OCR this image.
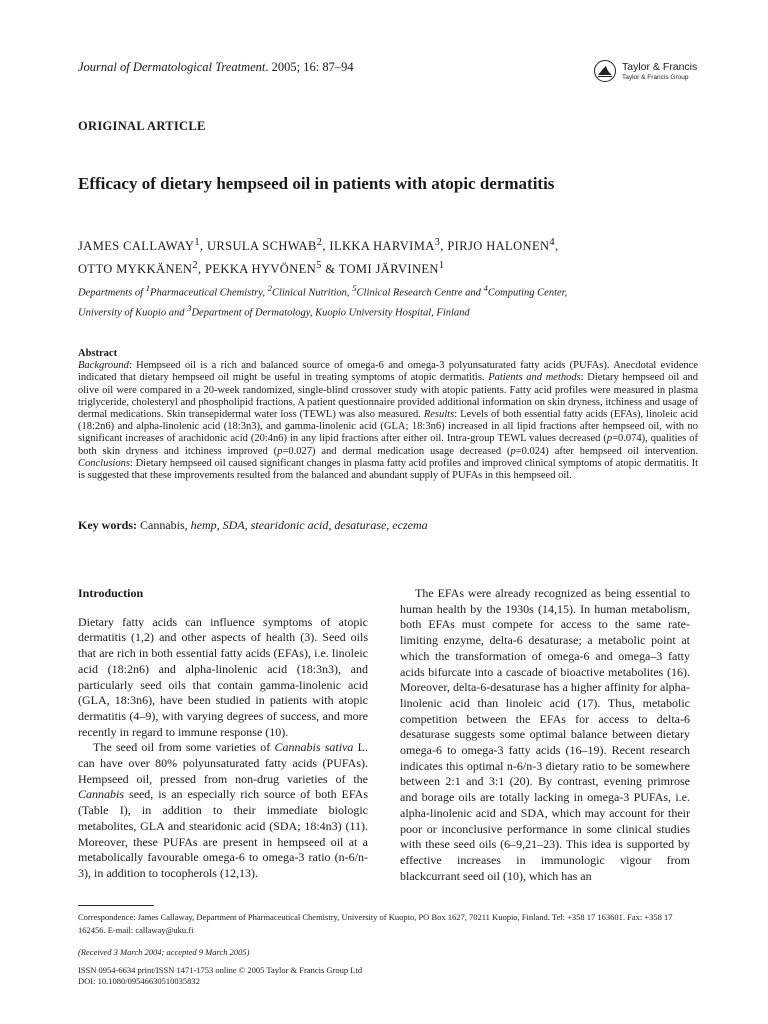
Journal of Dermatological Treatment. 2005; 16: 87–94	Taylor & Francis
Taylor & Francis Group
ORIGINAL ARTICLE
Efficacy of dietary hempseed oil in patients with atopic dermatitis
JAMES CALLAWAY$^1$, URSULA SCHWAB$^2$, ILKKA HARVIMA$^3$, PIRJO HALONEN$^4$,
OTTO MYKKÄNEN$^2$, PEKKA HYVÖNEN$^5$ & TOMI JÄRVINEN$^1$
Departments of $^1$Pharmaceutical Chemistry, $^2$Clinical Nutrition, $^5$Clinical Research Centre and $^4$Computing Center,
University of Kuopio and $^3$Department of Dermatology, Kuopio University Hospital, Finland
Abstract
Background: Hempseed oil is a rich and balanced source of omega-6 and omega-3 polyunsaturated fatty acids (PUFAs). Anecdotal evidence indicated that dietary hempseed oil might be useful in treating symptoms of atopic dermatitis. Patients and methods: Dietary hempseed oil and olive oil were compared in a 20-week randomized, single-blind crossover study with atopic patients. Fatty acid profiles were measured in plasma triglyceride, cholesteryl and phospholipid fractions. A patient questionnaire provided additional information on skin dryness, itchiness and usage of dermal medications. Skin transepidermal water loss (TEWL) was also measured. Results: Levels of both essential fatty acids (EFAs), linoleic acid (18:2n6) and alpha-linolenic acid (18:3n3), and gamma-linolenic acid (GLA; 18:3n6) increased in all lipid fractions after hempseed oil, with no significant increases of arachidonic acid (20:4n6) in any lipid fractions after either oil. Intra-group TEWL values decreased (p=0.074), qualities of both skin dryness and itchiness improved (p=0.027) and dermal medication usage decreased (p=0.024) after hempseed oil intervention. Conclusions: Dietary hempseed oil caused significant changes in plasma fatty acid profiles and improved clinical symptoms of atopic dermatitis. It is suggested that these improvements resulted from the balanced and abundant supply of PUFAs in this hempseed oil.
Key words: Cannabis, hemp, SDA, stearidonic acid, desaturase, eczema
Introduction

Dietary fatty acids can influence symptoms of atopic dermatitis (1,2) and other aspects of health (3). Seed oils that are rich in both essential fatty acids (EFAs), i.e. linoleic acid (18:2n6) and alpha-linolenic acid (18:3n3), and particularly seed oils that contain gamma-linolenic acid (GLA, 18:3n6), have been studied in patients with atopic dermatitis (4–9), with varying degrees of success, and more recently in regard to immune response (10).

The seed oil from some varieties of Cannabis sativa L. can have over 80% polyunsaturated fatty acids (PUFAs). Hempseed oil, pressed from non-drug varieties of the Cannabis seed, is an especially rich source of both EFAs (Table I), in addition to their immediate biologic metabolites, GLA and stearidonic acid (SDA; 18:4n3) (11). Moreover, these PUFAs are present in hempseed oil at a metabolically favourable omega-6 to omega-3 ratio (n-6/n-3), in addition to tocopherols (12,13).

The EFAs were already recognized as being essential to human health by the 1930s (14,15). In human metabolism, both EFAs must compete for access to the same rate-limiting enzyme, delta-6 desaturase; a metabolic point at which the transformation of omega-6 and omega–3 fatty acids bifurcate into a cascade of bioactive metabolites (16). Moreover, delta-6-desaturase has a higher affinity for alpha-linolenic acid than linoleic acid (17). Thus, metabolic competition between the EFAs for access to delta-6 desaturase suggests some optimal balance between dietary omega-6 to omega-3 fatty acids (16–19). Recent research indicates this optimal n-6/n-3 dietary ratio to be somewhere between 2:1 and 3:1 (20). By contrast, evening primrose and borage oils are totally lacking in omega-3 PUFAs, i.e. alpha-linolenic acid and SDA, which may account for their poor or inconclusive performance in some clinical studies with these seed oils (6–9,21–23). This idea is supported by effective increases in immunologic vigour from blackcurrant seed oil (10), which has an

Correspondence: James Callaway, Department of Pharmaceutical Chemistry, University of Kuopio, PO Box 1627, 70211 Kuopio, Finland. Tel: +358 17 163601. Fax: +358 17 162456. E-mail: callaway@uku.fi
(Received 3 March 2004; accepted 9 March 2005)
ISSN 0954-6634 print/ISSN 1471-1753 online © 2005 Taylor & Francis Group Ltd
DOI: 10.1080/09546630510035832
